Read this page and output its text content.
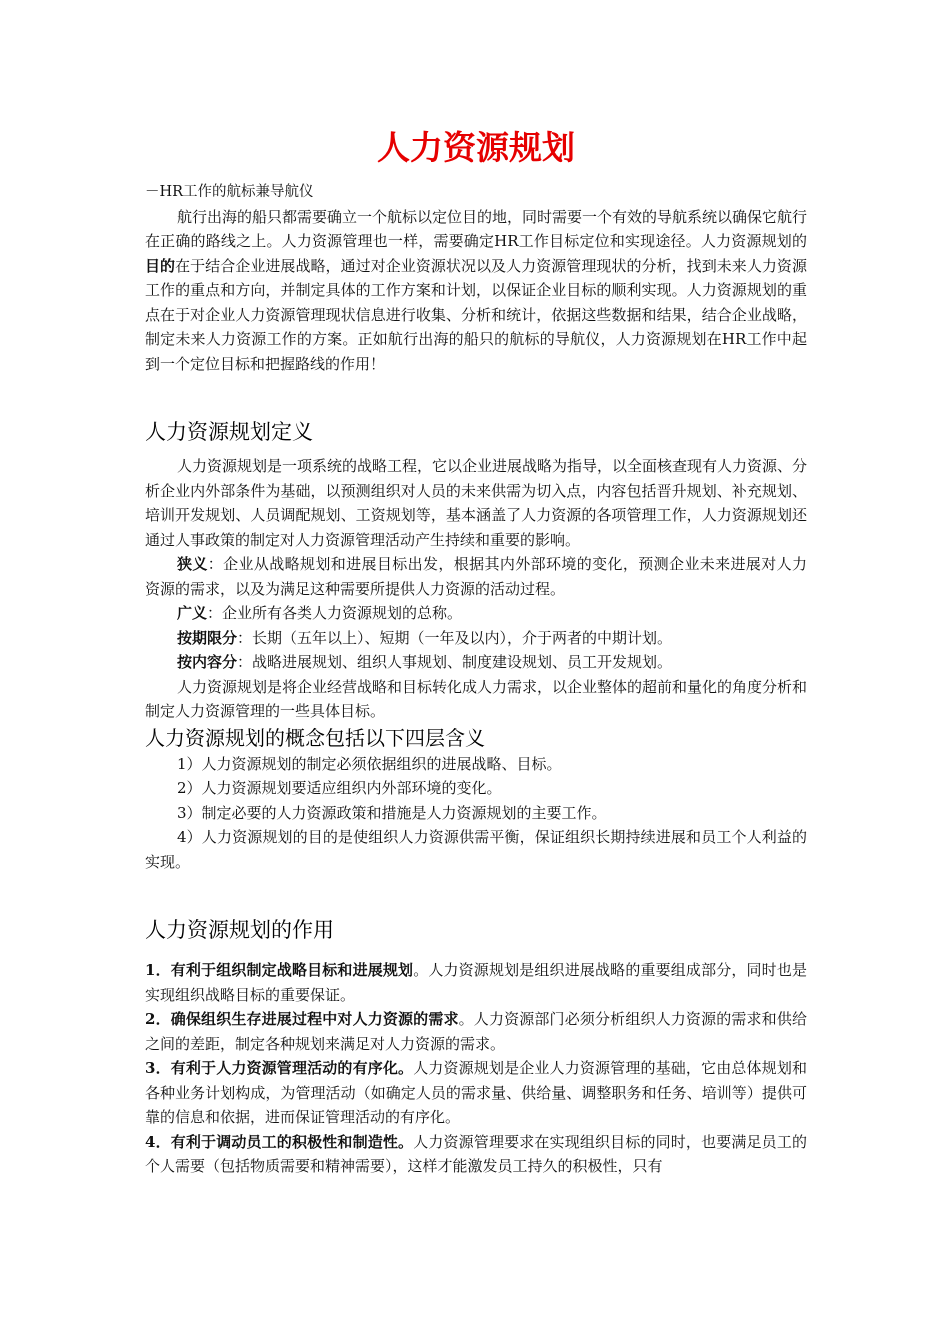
人力资源规划

－HR工作的航标兼导航仪

航行出海的船只都需要确立一个航标以定位目的地，同时需要一个有效的导航系统以确保它航行在正确的路线之上。人力资源管理也一样，需要确定HR工作目标定位和实现途径。人力资源规划的目的在于结合企业进展战略，通过对企业资源状况以及人力资源管理现状的分析，找到未来人力资源工作的重点和方向，并制定具体的工作方案和计划，以保证企业目标的顺利实现。人力资源规划的重点在于对企业人力资源管理现状信息进行收集、分析和统计，依据这些数据和结果，结合企业战略，制定未来人力资源工作的方案。正如航行出海的船只的航标的导航仪，人力资源规划在HR工作中起到一个定位目标和把握路线的作用！

人力资源规划定义

人力资源规划是一项系统的战略工程，它以企业进展战略为指导，以全面核查现有人力资源、分析企业内外部条件为基础，以预测组织对人员的未来供需为切入点，内容包括晋升规划、补充规划、培训开发规划、人员调配规划、工资规划等，基本涵盖了人力资源的各项管理工作，人力资源规划还通过人事政策的制定对人力资源管理活动产生持续和重要的影响。

狭义：企业从战略规划和进展目标出发，根据其内外部环境的变化，预测企业未来进展对人力资源的需求，以及为满足这种需要所提供人力资源的活动过程。

广义：企业所有各类人力资源规划的总称。

按期限分：长期（五年以上）、短期（一年及以内），介于两者的中期计划。

按内容分：战略进展规划、组织人事规划、制度建设规划、员工开发规划。

人力资源规划是将企业经营战略和目标转化成人力需求，以企业整体的超前和量化的角度分析和制定人力资源管理的一些具体目标。

人力资源规划的概念包括以下四层含义

1）人力资源规划的制定必须依据组织的进展战略、目标。

2）人力资源规划要适应组织内外部环境的变化。

3）制定必要的人力资源政策和措施是人力资源规划的主要工作。

4）人力资源规划的目的是使组织人力资源供需平衡，保证组织长期持续进展和员工个人利益的实现。

人力资源规划的作用

1．有利于组织制定战略目标和进展规划。人力资源规划是组织进展战略的重要组成部分，同时也是实现组织战略目标的重要保证。

2．确保组织生存进展过程中对人力资源的需求。人力资源部门必须分析组织人力资源的需求和供给之间的差距，制定各种规划来满足对人力资源的需求。

3．有利于人力资源管理活动的有序化。人力资源规划是企业人力资源管理的基础，它由总体规划和各种业务计划构成，为管理活动（如确定人员的需求量、供给量、调整职务和任务、培训等）提供可靠的信息和依据，进而保证管理活动的有序化。

4．有利于调动员工的积极性和制造性。人力资源管理要求在实现组织目标的同时，也要满足员工的个人需要（包括物质需要和精神需要），这样才能激发员工持久的积极性，只有
